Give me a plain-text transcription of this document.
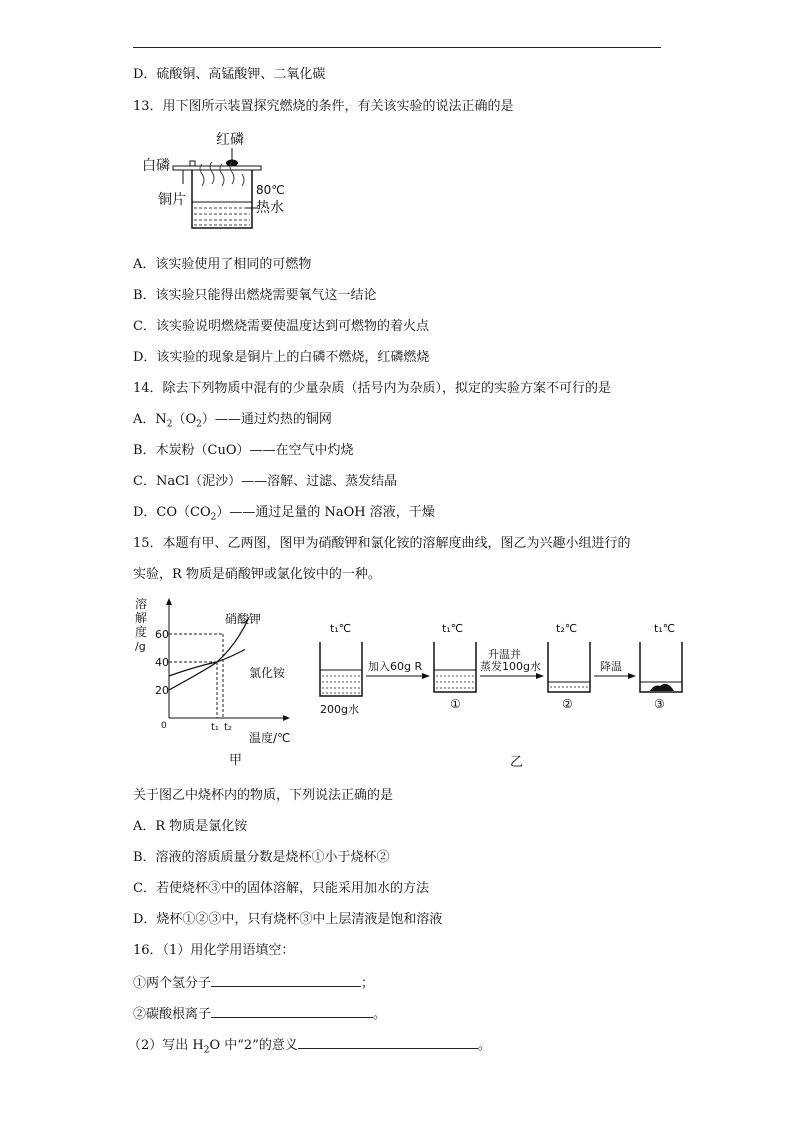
D．硫酸铜、高锰酸钾、二氧化碳
13．用下图所示装置探究燃烧的条件，有关该实验的说法正确的是
红磷
白磷
铜片
80℃
热水
A．该实验使用了相同的可燃物
B．该实验只能得出燃烧需要氧气这一结论
C．该实验说明燃烧需要使温度达到可燃物的着火点
D．该实验的现象是铜片上的白磷不燃烧，红磷燃烧
14．除去下列物质中混有的少量杂质（括号内为杂质），拟定的实验方案不可行的是
A．$N_2(O_2)——$通过灼热的铜网
B．木炭粉（CuO）——在空气中灼烧
C．NaCl（泥沙）——溶解、过滤、蒸发结晶
D．$CO(CO_2)——$通过足量的 NaOH 溶液，干燥
15．本题有甲、乙两图，图甲为硝酸钾和氯化铵的溶解度曲线，图乙为兴趣小组进行的
实验，R 物质是硝酸钾或氯化铵中的一种。
溶
解
度
/g
0
20
40
60
t₁ t₂
硝酸钾
氯化铵
温度/℃
甲
t₁℃
200g水
加入60g R
t₁℃
①
升温并
蒸发100g水
t₂℃
②
降温
t₁℃
③
乙
关于图乙中烧杯内的物质，下列说法正确的是
A．R 物质是氯化铵
B．溶液的溶质质量分数是烧杯①小于烧杯②
C．若使烧杯③中的固体溶解，只能采用加水的方法
D．烧杯①②③中，只有烧杯③中上层清液是饱和溶液
16．（1）用化学用语填空：
①两个氢分子	；
②碳酸根离子	。
（2）写出 $H_2O$ 中“2”的意义	。
